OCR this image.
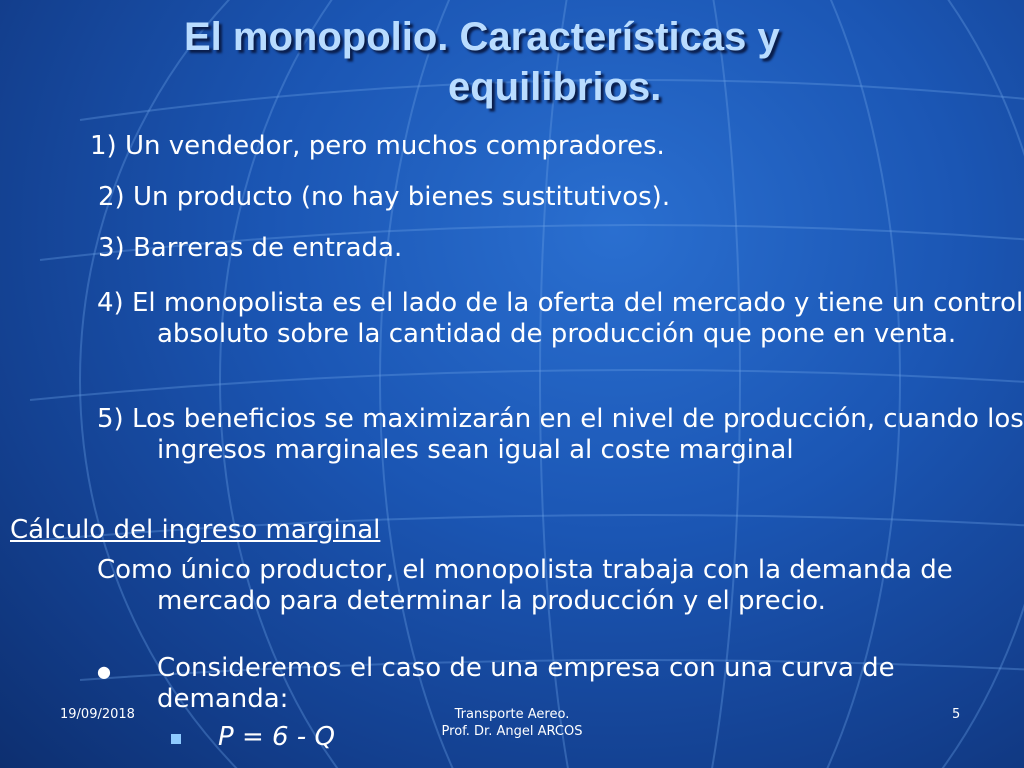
El monopolio. Características y
equilibrios.
1) Un vendedor, pero muchos compradores.
2) Un producto (no hay bienes sustitutivos).
3) Barreras de entrada.
4) El monopolista es el lado de la oferta del mercado y tiene un control absoluto sobre la cantidad de producción que pone en venta.
5) Los beneficios se maximizarán en el nivel de producción, cuando los ingresos marginales sean igual al coste marginal
Cálculo del ingreso marginal
Como único productor, el monopolista trabaja con la demanda de mercado para determinar la producción y el precio.
● Consideremos el caso de una empresa con una curva de demanda:
P = 6 - Q
19/09/2018	Transporte Aereo.
Prof. Dr. Angel ARCOS
5
